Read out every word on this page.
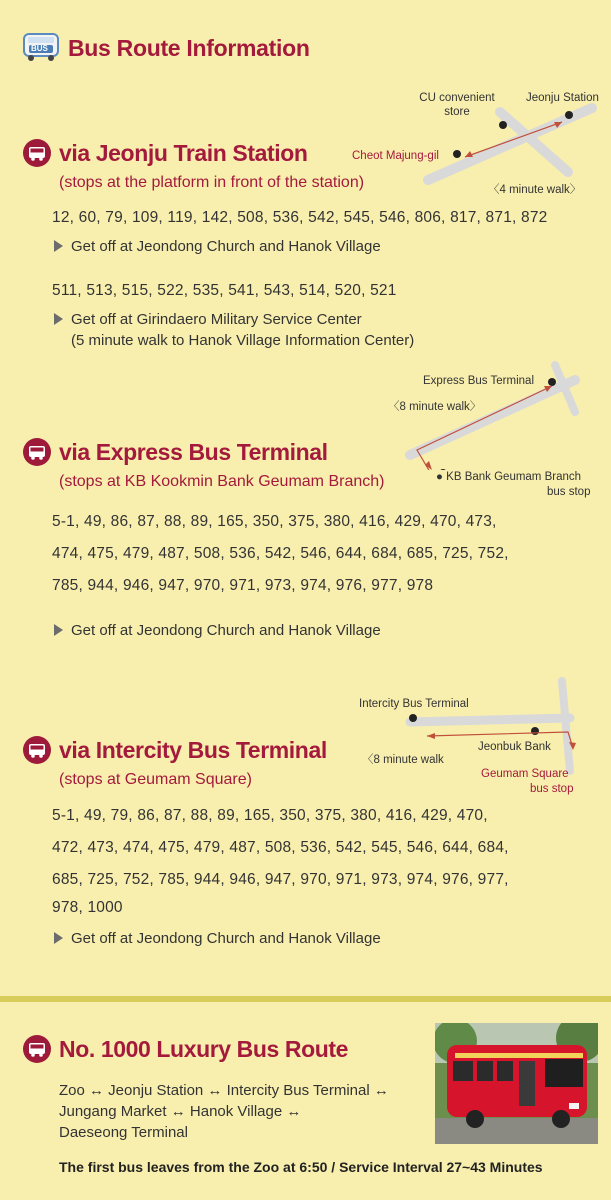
BUS Bus Route Information
via Jeonju Train Station
(stops at the platform in front of the station)
CU convenient store
Jeonju Station
Cheot Majung-gil
〈4 minute walk〉
12, 60, 79, 109, 119, 142, 508, 536, 542, 545, 546, 806, 817, 871, 872
Get off at Jeondong Church and Hanok Village
511, 513, 515, 522, 535, 541, 543, 514, 520, 521
Get off at Girindaero Military Service Center
(5 minute walk to Hanok Village Information Center)
Express Bus Terminal
〈8 minute walk〉
● KB Bank Geumam Branch
bus stop
via Express Bus Terminal
(stops at KB Kookmin Bank Geumam Branch)
5-1, 49, 86, 87, 88, 89, 165, 350, 375, 380, 416, 429, 470, 473,
474, 475, 479, 487, 508, 536, 542, 546, 644, 684, 685, 725, 752,
785, 944, 946, 947, 970, 971, 973, 974, 976, 977, 978
Get off at Jeondong Church and Hanok Village
Intercity Bus Terminal
〈8 minute walk
Jeonbuk Bank
Geumam Square
bus stop
via Intercity Bus Terminal
(stops at Geumam Square)
5-1, 49, 79, 86, 87, 88, 89, 165, 350, 375, 380, 416, 429, 470,
472, 473, 474, 475, 479, 487, 508, 536, 542, 545, 546, 644, 684,
685, 725, 752, 785, 944, 946, 947, 970, 971, 973, 974, 976, 977,
978, 1000
Get off at Jeondong Church and Hanok Village
No. 1000 Luxury Bus Route
Zoo ↔ Jeonju Station ↔ Intercity Bus Terminal ↔
Jungang Market ↔ Hanok Village ↔
Daeseong Terminal
The first bus leaves from the Zoo at 6:50 / Service Interval 27~43 Minutes
